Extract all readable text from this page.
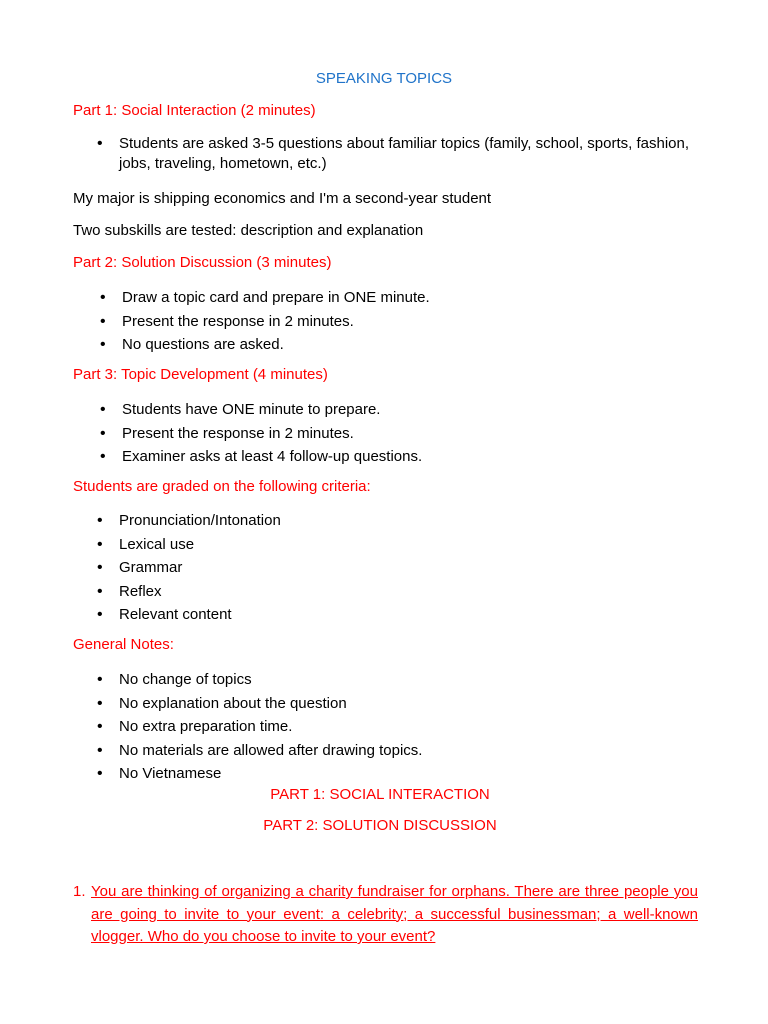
SPEAKING TOPICS
Part 1: Social Interaction (2 minutes)
• Students are asked 3-5 questions about familiar topics (family, school, sports, fashion, jobs, traveling, hometown, etc.)
My major is shipping economics and I'm a second-year student
Two subskills are tested: description and explanation
Part 2: Solution Discussion (3 minutes)
• Draw a topic card and prepare in ONE minute.
• Present the response in 2 minutes.
• No questions are asked.
Part 3: Topic Development (4 minutes)
• Students have ONE minute to prepare.
• Present the response in 2 minutes.
• Examiner asks at least 4 follow-up questions.
Students are graded on the following criteria:
• Pronunciation/Intonation
• Lexical use
• Grammar
• Reflex
• Relevant content
General Notes:
• No change of topics
• No explanation about the question
• No extra preparation time.
• No materials are allowed after drawing topics.
• No Vietnamese
PART 1: SOCIAL INTERACTION
PART 2: SOLUTION DISCUSSION
1. You are thinking of organizing a charity fundraiser for orphans. There are three people you are going to invite to your event: a celebrity; a successful businessman; a well-known vlogger. Who do you choose to invite to your event?
